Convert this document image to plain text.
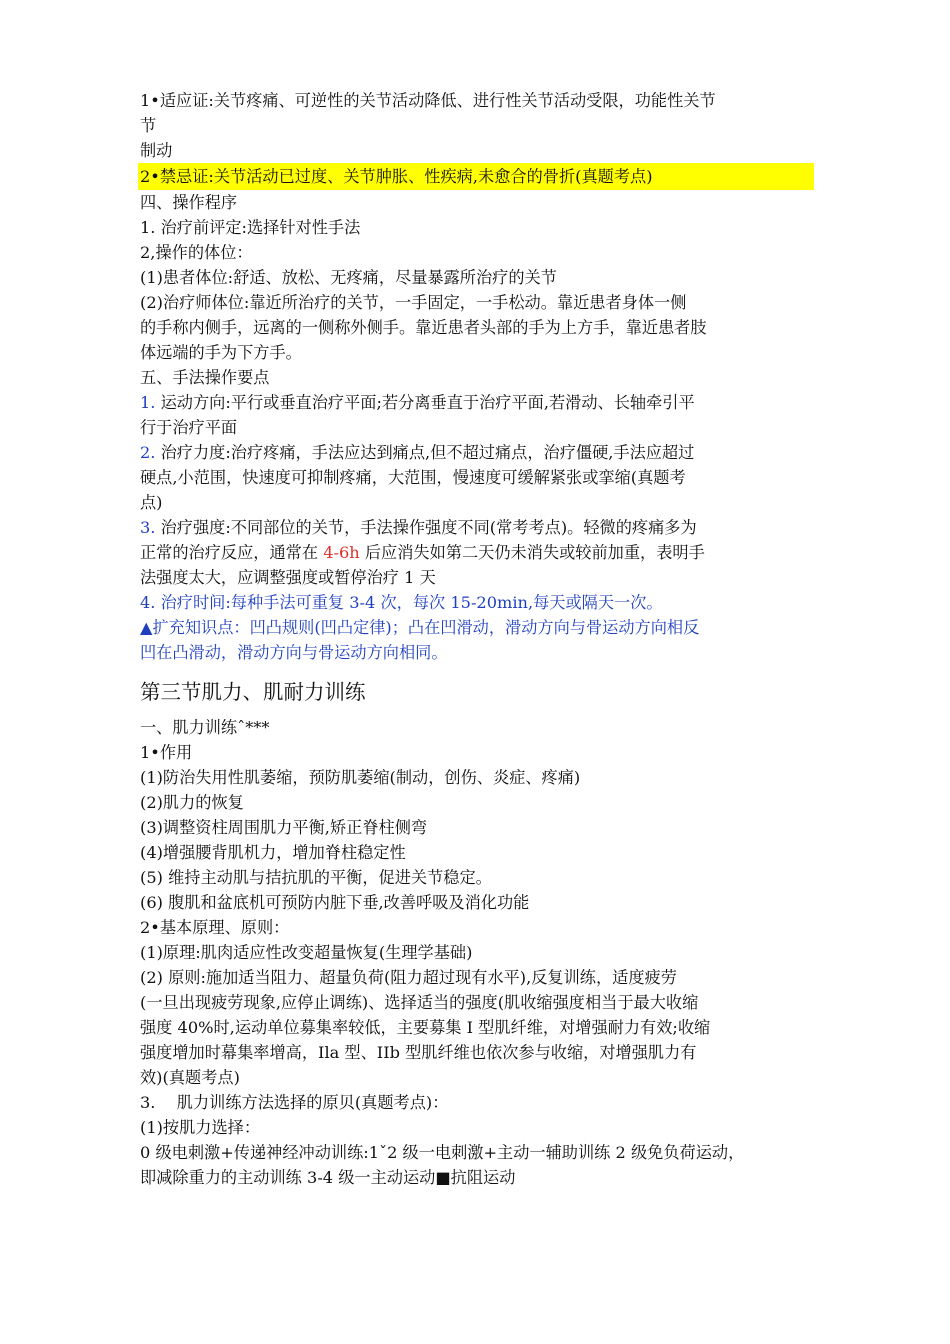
1•适应证:关节疼痛、可逆性的关节活动降低、进行性关节活动受限，功能性关节
节
制动
2•禁忌证:关节活动已过度、关节肿胀、性疾病,未愈合的骨折(真题考点)
四、操作程序
1. 治疗前评定:选择针对性手法
2,操作的体位：
(1)患者体位:舒适、放松、无疼痛，尽量暴露所治疗的关节
(2)治疗师体位:靠近所治疗的关节，一手固定，一手松动。靠近患者身体一侧
的手称内侧手，远离的一侧称外侧手。靠近患者头部的手为上方手，靠近患者肢
体远端的手为下方手。
五、手法操作要点
1. 运动方向:平行或垂直治疗平面;若分离垂直于治疗平面,若滑动、长轴牵引平
行于治疗平面
2. 治疗力度:治疗疼痛，手法应达到痛点,但不超过痛点，治疗僵硬,手法应超过
硬点,小范围，快速度可抑制疼痛，大范围，慢速度可缓解紧张或挛缩(真题考
点)
3. 治疗强度:不同部位的关节，手法操作强度不同(常考考点)。轻微的疼痛多为
正常的治疗反应，通常在 4-6h 后应消失如第二天仍未消失或较前加重，表明手
法强度太大，应调整强度或暂停治疗 1 天
4. 治疗时间:每种手法可重复 3-4 次，每次 15-20min,每天或隔天一次。
▲扩充知识点：凹凸规则(凹凸定律)；凸在凹滑动，滑动方向与骨运动方向相反
凹在凸滑动，滑动方向与骨运动方向相同。
第三节肌力、肌耐力训练
一、肌力训练ˆ***
1•作用
(1)防治失用性肌萎缩，预防肌萎缩(制动，创伤、炎症、疼痛)
(2)肌力的恢复
(3)调整资柱周围肌力平衡,矫正脊柱侧弯
(4)增强腰背肌机力，增加脊柱稳定性
(5) 维持主动肌与拮抗肌的平衡，促进关节稳定。
(6) 腹肌和盆底机可预防内脏下垂,改善呼吸及消化功能
2•基本原理、原则：
(1)原理:肌肉适应性改变超量恢复(生理学基础)
(2) 原则:施加适当阻力、超量负荷(阻力超过现有水平),反复训练，适度疲劳
(一旦出现疲劳现象,应停止调练)、选择适当的强度(肌收缩强度相当于最大收缩
强度 40%时,运动单位募集率较低，主要募集 I 型肌纤维，对增强耐力有效;收缩
强度增加时幕集率增高，Ila 型、IIb 型肌纤维也依次参与收缩，对增强肌力有
效)(真题考点)
3.　 肌力训练方法选择的原贝(真题考点)：
(1)按肌力选择：
0 级电刺激+传递神经冲动训练:1ˇ2 级一电刺激+主动一辅助训练 2 级免负荷运动，
即减除重力的主动训练 3-4 级一主动运动■抗阻运动
